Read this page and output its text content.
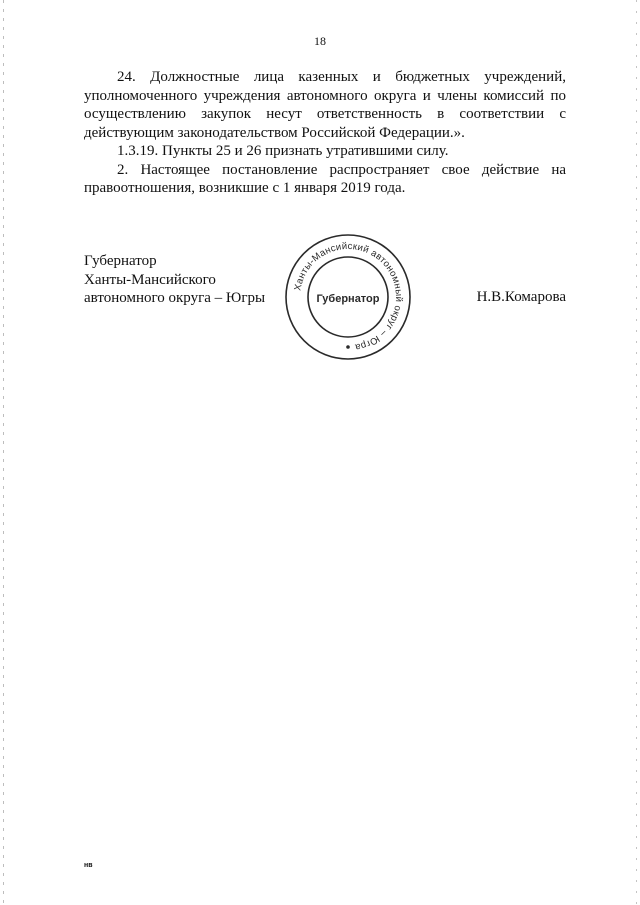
18

24. Должностные лица казенных и бюджетных учреждений, уполномоченного учреждения автономного округа и члены комиссий по осуществлению закупок несут ответственность в соответствии с действующим законодательством Российской Федерации.».

1.3.19. Пункты 25 и 26 признать утратившими силу.

2. Настоящее постановление распространяет свое действие на правоотношения, возникшие с 1 января 2019 года.

Губернатор
Ханты-Мансийского
автономного округа – Югры
Ханты-Мансийский автономный округ – Югра
Губернатор	Н.В.Комарова
нв
